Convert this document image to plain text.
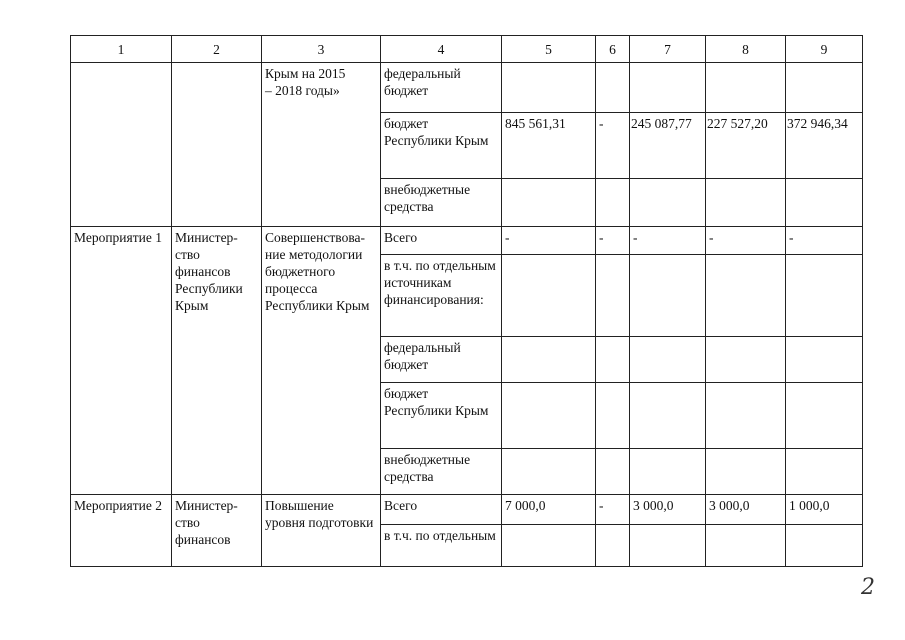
1	2	3	4	5	6	7	8	9
		Крым на 2015 – 2018 годы»	федеральный бюджет					
			бюджет Республики Крым	845 561,31	-	245 087,77	227 527,20	372 946,34
			внебюджетные средства					
Мероприятие 1	Министер-ство финансов Республики Крым	Совершенствова-ние методологии бюджетного процесса Республики Крым	Всего	-	-	-	-	-
			в т.ч. по отдельным источникам финансирования:					
			федеральный бюджет					
			бюджет Республики Крым					
			внебюджетные средства					
Мероприятие 2	Министер-ство финансов	Повышение уровня подготовки	Всего	7 000,0	-	3 000,0	3 000,0	1 000,0
			в т.ч. по отдельным					
2
